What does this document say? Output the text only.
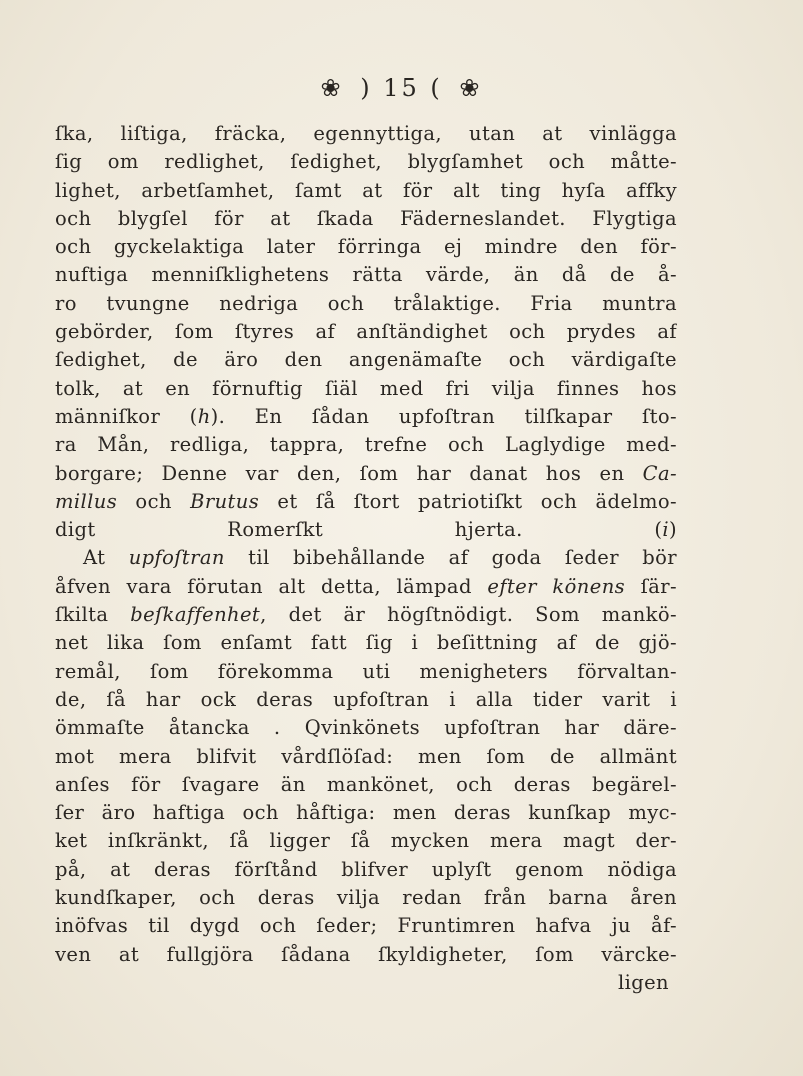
❀ ) 15 ( ❀
ſka, liſtiga, fräcka, egennyttiga, utan at vinlägga
ſig om redlighet, ſedighet, blygſamhet och måtte-
lighet, arbetſamhet, ſamt at för alt ting hyſa affky
och blygſel för at ſkada Fäderneslandet. Flygtiga
och gyckelaktiga later förringa ej mindre den för-
nuftiga menniſklighetens rätta värde, än då de å-
ro tvungne nedriga och trålaktige. Fria muntra
gebörder, ſom ſtyres af anſtändighet och prydes af
ſedighet, de äro den angenämaſte och värdigaſte
tolk, at en förnuftig ſiäl med fri vilja finnes hos
männiſkor (h). En ſådan upfoſtran tilſkapar ſto-
ra Mån, redliga, tappra, trefne och Laglydige med-
borgare; Denne var den, ſom har danat hos en Ca-
millus och Brutus et ſå ſtort patriotiſkt och ädelmo-
digt Romerſkt hjerta. (i)
At upfoſtran til bibehållande af goda ſeder bör
åfven vara förutan alt detta, lämpad efter könens ſär-
ſkilta beſkaffenhet, det är högſtnödigt. Som mankö-
net lika ſom enſamt fatt ſig i beſittning af de gjö-
remål, ſom förekomma uti menigheters förvaltan-
de, ſå har ock deras upfoſtran i alla tider varit i
ömmaſte åtancka . Qvinkönets upfoſtran har däre-
mot mera blifvit vårdſlöſad: men ſom de allmänt
anſes för ſvagare än mankönet, och deras begärel-
ſer äro haftiga och håftiga: men deras kunſkap myc-
ket inſkränkt, ſå ligger ſå mycken mera magt der-
på, at deras förſtånd blifver uplyſt genom nödiga
kundſkaper, och deras vilja redan från barna åren
inöfvas til dygd och ſeder; Fruntimren hafva ju åf-
ven at fullgjöra ſådana ſkyldigheter, ſom värcke-
ligen
